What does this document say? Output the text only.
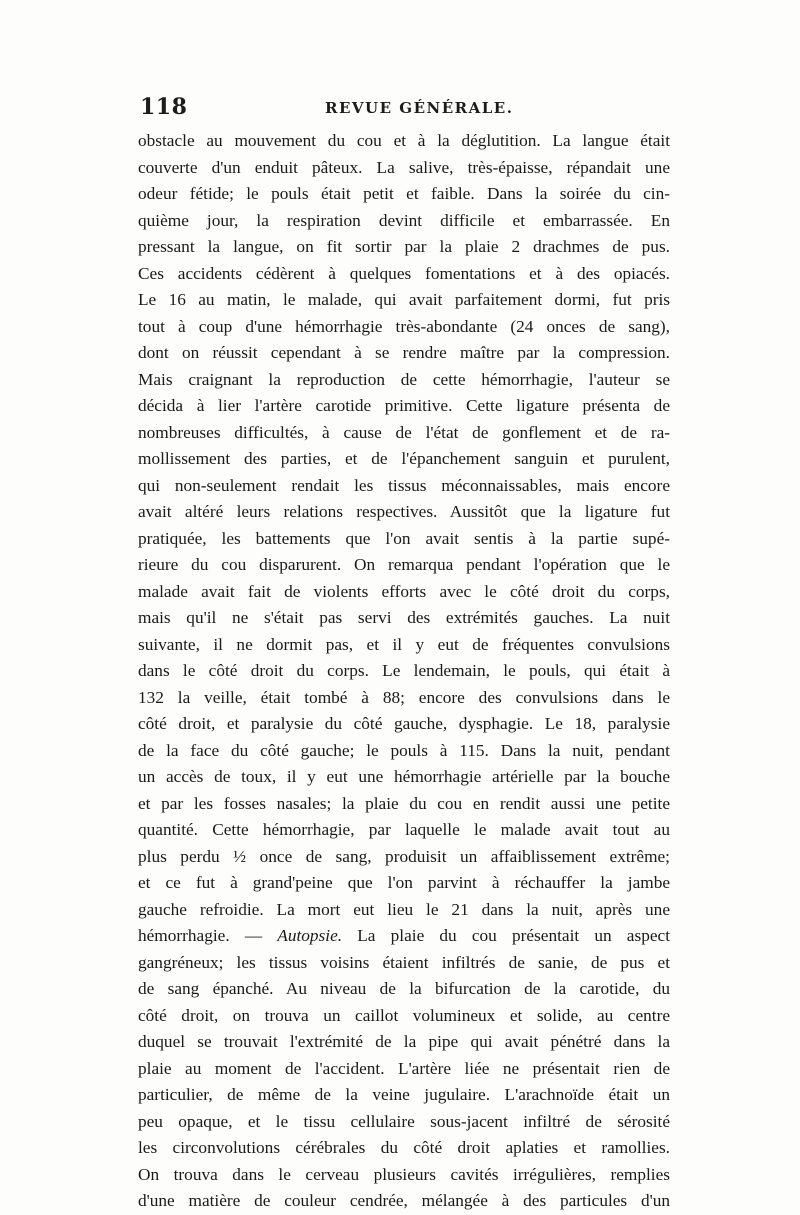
118	REVUE GÉNÉRALE.
obstacle au mouvement du cou et à la déglutition. La langue était
couverte d'un enduit pâteux. La salive, très-épaisse, répandait une
odeur fétide; le pouls était petit et faible. Dans la soirée du cin-
quième jour, la respiration devint difficile et embarrassée. En
pressant la langue, on fit sortir par la plaie 2 drachmes de pus.
Ces accidents cédèrent à quelques fomentations et à des opiacés.
Le 16 au matin, le malade, qui avait parfaitement dormi, fut pris
tout à coup d'une hémorrhagie très-abondante (24 onces de sang),
dont on réussit cependant à se rendre maître par la compression.
Mais craignant la reproduction de cette hémorrhagie, l'auteur se
décida à lier l'artère carotide primitive. Cette ligature présenta de
nombreuses difficultés, à cause de l'état de gonflement et de ra-
mollissement des parties, et de l'épanchement sanguin et purulent,
qui non-seulement rendait les tissus méconnaissables, mais encore
avait altéré leurs relations respectives. Aussitôt que la ligature fut
pratiquée, les battements que l'on avait sentis à la partie supé-
rieure du cou disparurent. On remarqua pendant l'opération que le
malade avait fait de violents efforts avec le côté droit du corps,
mais qu'il ne s'était pas servi des extrémités gauches. La nuit
suivante, il ne dormit pas, et il y eut de fréquentes convulsions
dans le côté droit du corps. Le lendemain, le pouls, qui était à
132 la veille, était tombé à 88; encore des convulsions dans le
côté droit, et paralysie du côté gauche, dysphagie. Le 18, paralysie
de la face du côté gauche; le pouls à 115. Dans la nuit, pendant
un accès de toux, il y eut une hémorrhagie artérielle par la bouche
et par les fosses nasales; la plaie du cou en rendit aussi une petite
quantité. Cette hémorrhagie, par laquelle le malade avait tout au
plus perdu ½ once de sang, produisit un affaiblissement extrême;
et ce fut à grand'peine que l'on parvint à réchauffer la jambe
gauche refroidie. La mort eut lieu le 21 dans la nuit, après une
hémorrhagie. — Autopsie. La plaie du cou présentait un aspect
gangréneux; les tissus voisins étaient infiltrés de sanie, de pus et
de sang épanché. Au niveau de la bifurcation de la carotide, du
côté droit, on trouva un caillot volumineux et solide, au centre
duquel se trouvait l'extrémité de la pipe qui avait pénétré dans la
plaie au moment de l'accident. L'artère liée ne présentait rien de
particulier, de même de la veine jugulaire. L'arachnoïde était un
peu opaque, et le tissu cellulaire sous-jacent infiltré de sérosité
les circonvolutions cérébrales du côté droit aplaties et ramollies.
On trouva dans le cerveau plusieurs cavités irrégulières, remplies
d'une matière de couleur cendrée, mélangée à des particules d'un
